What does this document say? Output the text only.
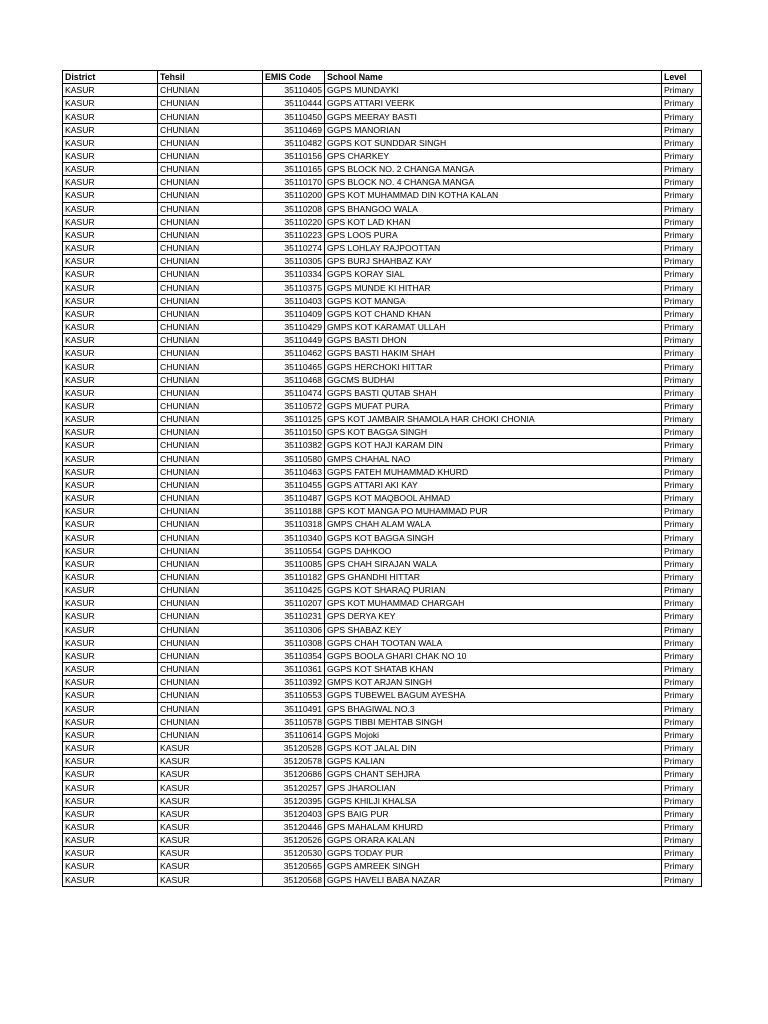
District	Tehsil	EMIS Code	School Name	Level
KASUR	CHUNIAN	35110405	GGPS MUNDAYKI	Primary
KASUR	CHUNIAN	35110444	GGPS ATTARI VEERK	Primary
KASUR	CHUNIAN	35110450	GGPS MEERAY BASTI	Primary
KASUR	CHUNIAN	35110469	GGPS MANORIAN	Primary
KASUR	CHUNIAN	35110482	GGPS KOT SUNDDAR SINGH	Primary
KASUR	CHUNIAN	35110156	GPS CHARKEY	Primary
KASUR	CHUNIAN	35110165	GPS BLOCK NO. 2 CHANGA MANGA	Primary
KASUR	CHUNIAN	35110170	GPS BLOCK NO. 4 CHANGA MANGA	Primary
KASUR	CHUNIAN	35110200	GPS KOT MUHAMMAD DIN KOTHA KALAN	Primary
KASUR	CHUNIAN	35110208	GPS BHANGOO WALA	Primary
KASUR	CHUNIAN	35110220	GPS KOT LAD KHAN	Primary
KASUR	CHUNIAN	35110223	GPS LOOS PURA	Primary
KASUR	CHUNIAN	35110274	GPS LOHLAY RAJPOOTTAN	Primary
KASUR	CHUNIAN	35110305	GPS BURJ SHAHBAZ KAY	Primary
KASUR	CHUNIAN	35110334	GGPS KORAY SIAL	Primary
KASUR	CHUNIAN	35110375	GGPS MUNDE KI HITHAR	Primary
KASUR	CHUNIAN	35110403	GGPS KOT MANGA	Primary
KASUR	CHUNIAN	35110409	GGPS KOT CHAND KHAN	Primary
KASUR	CHUNIAN	35110429	GMPS KOT KARAMAT ULLAH	Primary
KASUR	CHUNIAN	35110449	GGPS BASTI DHON	Primary
KASUR	CHUNIAN	35110462	GGPS BASTI HAKIM SHAH	Primary
KASUR	CHUNIAN	35110465	GGPS HERCHOKI HITTAR	Primary
KASUR	CHUNIAN	35110468	GGCMS BUDHAI	Primary
KASUR	CHUNIAN	35110474	GGPS BASTI QUTAB SHAH	Primary
KASUR	CHUNIAN	35110572	GGPS MUFAT PURA	Primary
KASUR	CHUNIAN	35110125	GPS KOT JAMBAIR SHAMOLA HAR CHOKI CHONIA	Primary
KASUR	CHUNIAN	35110150	GPS KOT BAGGA SINGH	Primary
KASUR	CHUNIAN	35110382	GGPS KOT HAJI KARAM DIN	Primary
KASUR	CHUNIAN	35110580	GMPS CHAHAL NAO	Primary
KASUR	CHUNIAN	35110463	GGPS FATEH MUHAMMAD KHURD	Primary
KASUR	CHUNIAN	35110455	GGPS ATTARI AKI KAY	Primary
KASUR	CHUNIAN	35110487	GGPS KOT MAQBOOL AHMAD	Primary
KASUR	CHUNIAN	35110188	GPS KOT MANGA PO MUHAMMAD PUR	Primary
KASUR	CHUNIAN	35110318	GMPS CHAH ALAM WALA	Primary
KASUR	CHUNIAN	35110340	GGPS KOT BAGGA SINGH	Primary
KASUR	CHUNIAN	35110554	GGPS DAHKOO	Primary
KASUR	CHUNIAN	35110085	GPS CHAH SIRAJAN WALA	Primary
KASUR	CHUNIAN	35110182	GPS GHANDHI HITTAR	Primary
KASUR	CHUNIAN	35110425	GGPS KOT SHARAQ PURIAN	Primary
KASUR	CHUNIAN	35110207	GPS KOT MUHAMMAD CHARGAH	Primary
KASUR	CHUNIAN	35110231	GPS DERYA KEY	Primary
KASUR	CHUNIAN	35110306	GPS SHABAZ KEY	Primary
KASUR	CHUNIAN	35110308	GGPS CHAH TOOTAN WALA	Primary
KASUR	CHUNIAN	35110354	GGPS BOOLA GHARI CHAK NO 10	Primary
KASUR	CHUNIAN	35110361	GGPS KOT SHATAB KHAN	Primary
KASUR	CHUNIAN	35110392	GMPS KOT ARJAN SINGH	Primary
KASUR	CHUNIAN	35110553	GGPS TUBEWEL BAGUM AYESHA	Primary
KASUR	CHUNIAN	35110491	GPS BHAGIWAL NO.3	Primary
KASUR	CHUNIAN	35110578	GGPS TIBBI MEHTAB SINGH	Primary
KASUR	CHUNIAN	35110614	GGPS Mojoki	Primary
KASUR	KASUR	35120528	GGPS KOT JALAL DIN	Primary
KASUR	KASUR	35120578	GGPS KALIAN	Primary
KASUR	KASUR	35120686	GGPS CHANT SEHJRA	Primary
KASUR	KASUR	35120257	GPS JHAROLIAN	Primary
KASUR	KASUR	35120395	GGPS KHILJI KHALSA	Primary
KASUR	KASUR	35120403	GPS BAIG PUR	Primary
KASUR	KASUR	35120446	GPS MAHALAM KHURD	Primary
KASUR	KASUR	35120526	GGPS ORARA KALAN	Primary
KASUR	KASUR	35120530	GGPS TODAY PUR	Primary
KASUR	KASUR	35120565	GGPS AMREEK SINGH	Primary
KASUR	KASUR	35120568	GGPS HAVELI BABA NAZAR	Primary
